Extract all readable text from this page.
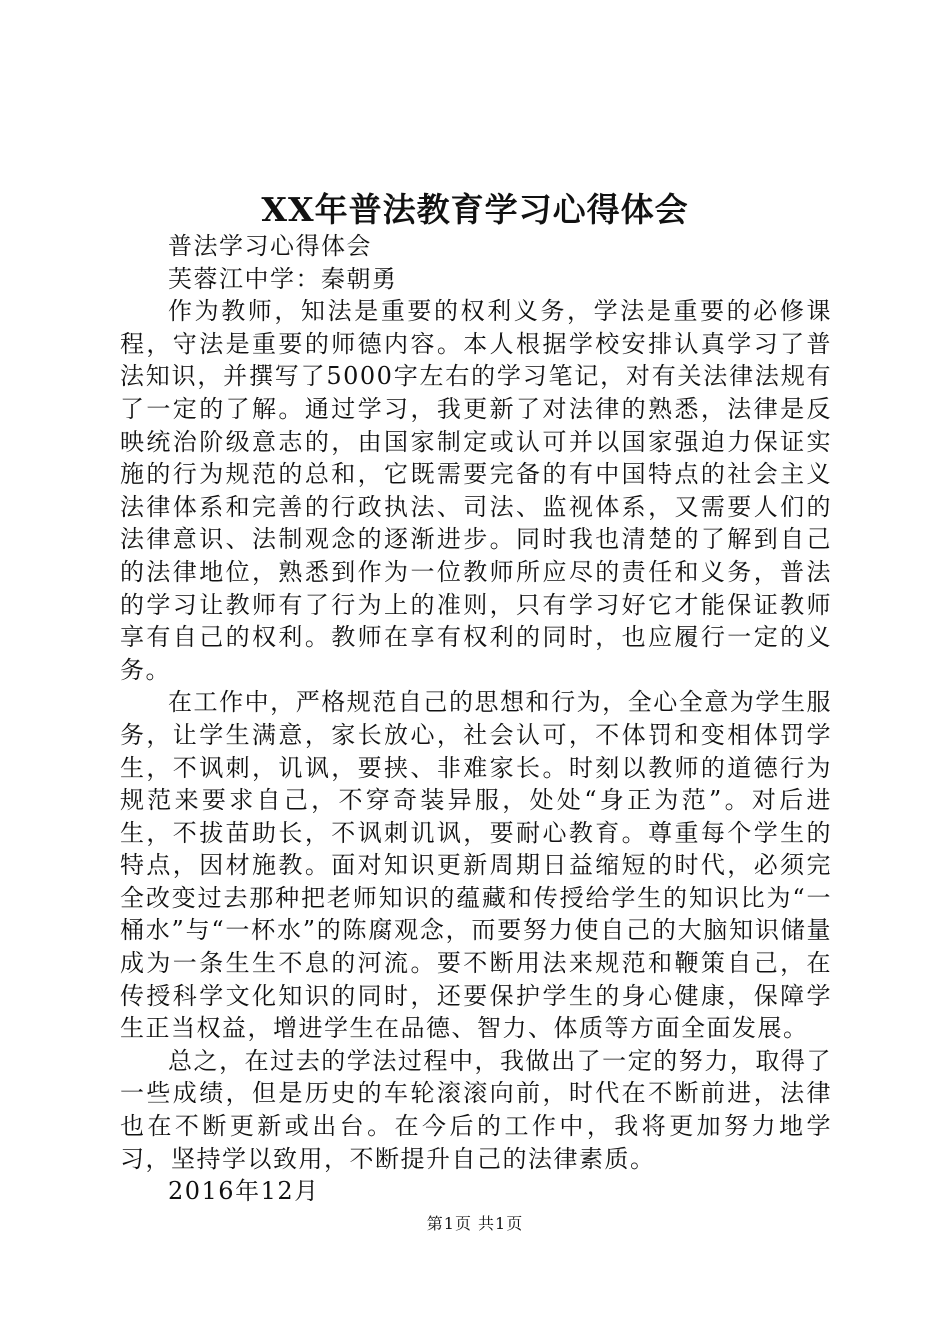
XX年普法教育学习心得体会

普法学习心得体会

芙蓉江中学：秦朝勇

作为教师，知法是重要的权利义务，学法是重要的必修课程，守法是重要的师德内容。本人根据学校安排认真学习了普法知识，并撰写了5000字左右的学习笔记，对有关法律法规有了一定的了解。通过学习，我更新了对法律的熟悉，法律是反映统治阶级意志的，由国家制定或认可并以国家强迫力保证实施的行为规范的总和，它既需要完备的有中国特点的社会主义法律体系和完善的行政执法、司法、监视体系，又需要人们的法律意识、法制观念的逐渐进步。同时我也清楚的了解到自己的法律地位，熟悉到作为一位教师所应尽的责任和义务，普法的学习让教师有了行为上的准则，只有学习好它才能保证教师享有自己的权利。教师在享有权利的同时，也应履行一定的义务。

在工作中，严格规范自己的思想和行为，全心全意为学生服务，让学生满意，家长放心，社会认可，不体罚和变相体罚学生，不讽刺，讥讽，要挟、非难家长。时刻以教师的道德行为规范来要求自己，不穿奇装异服，处处“身正为范”。对后进生，不拔苗助长，不讽刺讥讽，要耐心教育。尊重每个学生的特点，因材施教。面对知识更新周期日益缩短的时代，必须完全改变过去那种把老师知识的蕴藏和传授给学生的知识比为“一桶水”与“一杯水”的陈腐观念，而要努力使自己的大脑知识储量成为一条生生不息的河流。要不断用法来规范和鞭策自己，在传授科学文化知识的同时，还要保护学生的身心健康，保障学生正当权益，增进学生在品德、智力、体质等方面全面发展。

总之，在过去的学法过程中，我做出了一定的努力，取得了一些成绩，但是历史的车轮滚滚向前，时代在不断前进，法律也在不断更新或出台。在今后的工作中，我将更加努力地学习，坚持学以致用，不断提升自己的法律素质。

2016年12月

第1页 共1页
